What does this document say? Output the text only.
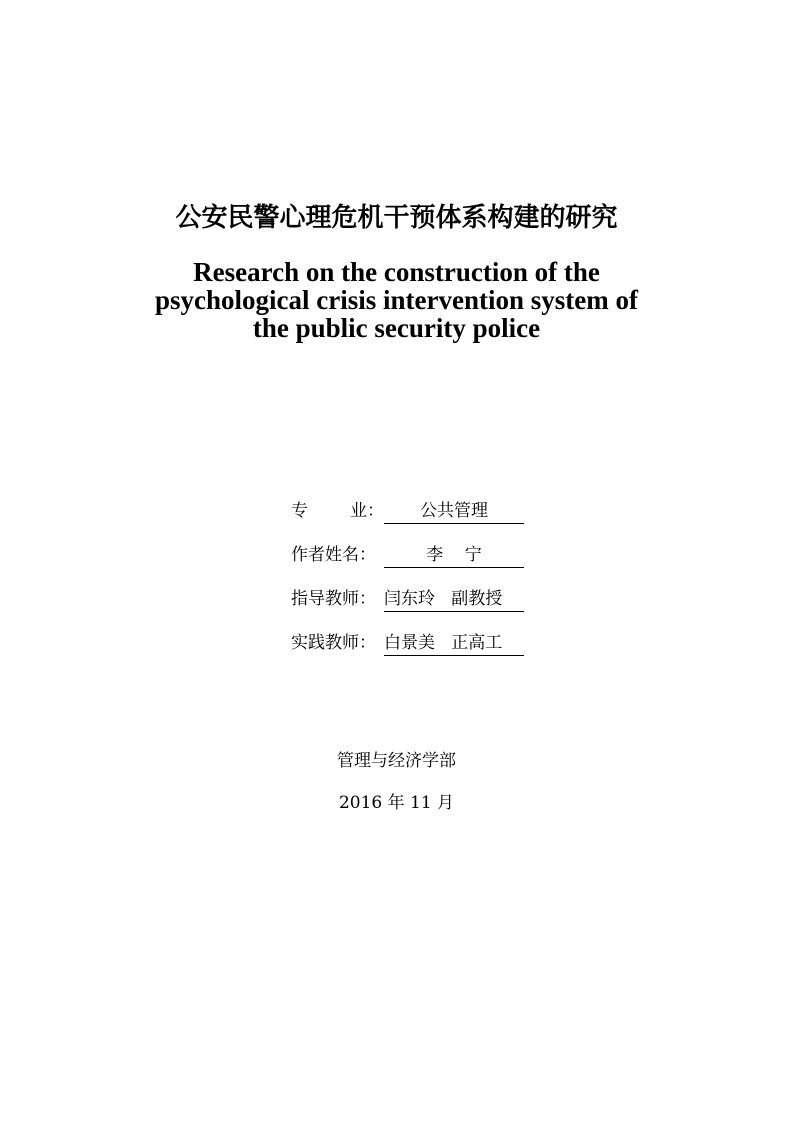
公安民警心理危机干预体系构建的研究
Research on the construction of the
psychological crisis intervention system of
the public security police
专 业：	公共管理
作者姓名：	李    宁
指导教师： 闫东玲   副教授
实践教师： 白景美   正高工
管理与经济学部
2016 年 11 月
